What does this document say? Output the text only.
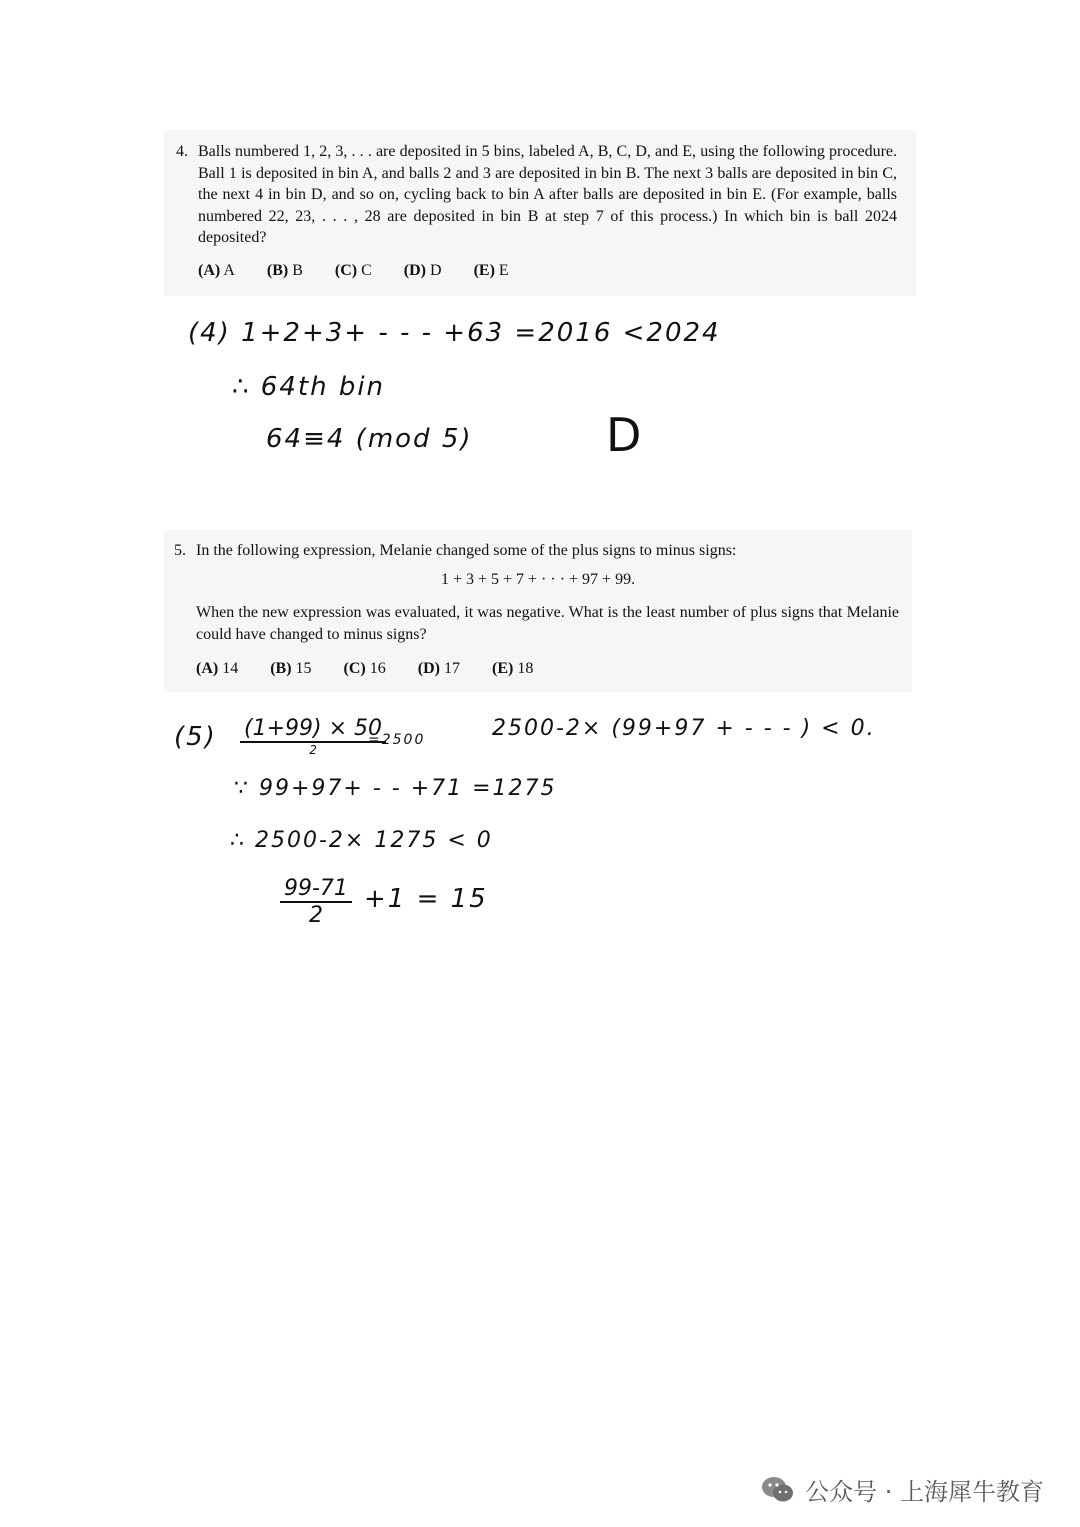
4. Balls numbered 1, 2, 3, . . . are deposited in 5 bins, labeled A, B, C, D, and E, using the following procedure. Ball 1 is deposited in bin A, and balls 2 and 3 are deposited in bin B. The next 3 balls are deposited in bin C, the next 4 in bin D, and so on, cycling back to bin A after balls are deposited in bin E. (For example, balls numbered 22, 23, . . . , 28 are deposited in bin B at step 7 of this process.) In which bin is ball 2024 deposited?
(A) A (B) B (C) C (D) D (E) E
(4) 1+2+3+ - - - +63 =2016 <2024
∴ 64th bin
64≡4 (mod 5)	D
5. In the following expression, Melanie changed some of the plus signs to minus signs:
1 + 3 + 5 + 7 + · · · + 97 + 99.
When the new expression was evaluated, it was negative. What is the least number of plus signs that Melanie could have changed to minus signs?
(A) 14 (B) 15 (C) 16 (D) 17 (E) 18
(5) (1+99) × 50
2
=2500	2500-2× (99+97 + - - - ) < 0.
∵ 99+97+ - - +71 =1275
∴ 2500-2× 1275 < 0
$\frac{99-71}{2} +1 = 15$
公众号 · 上海犀牛教育
